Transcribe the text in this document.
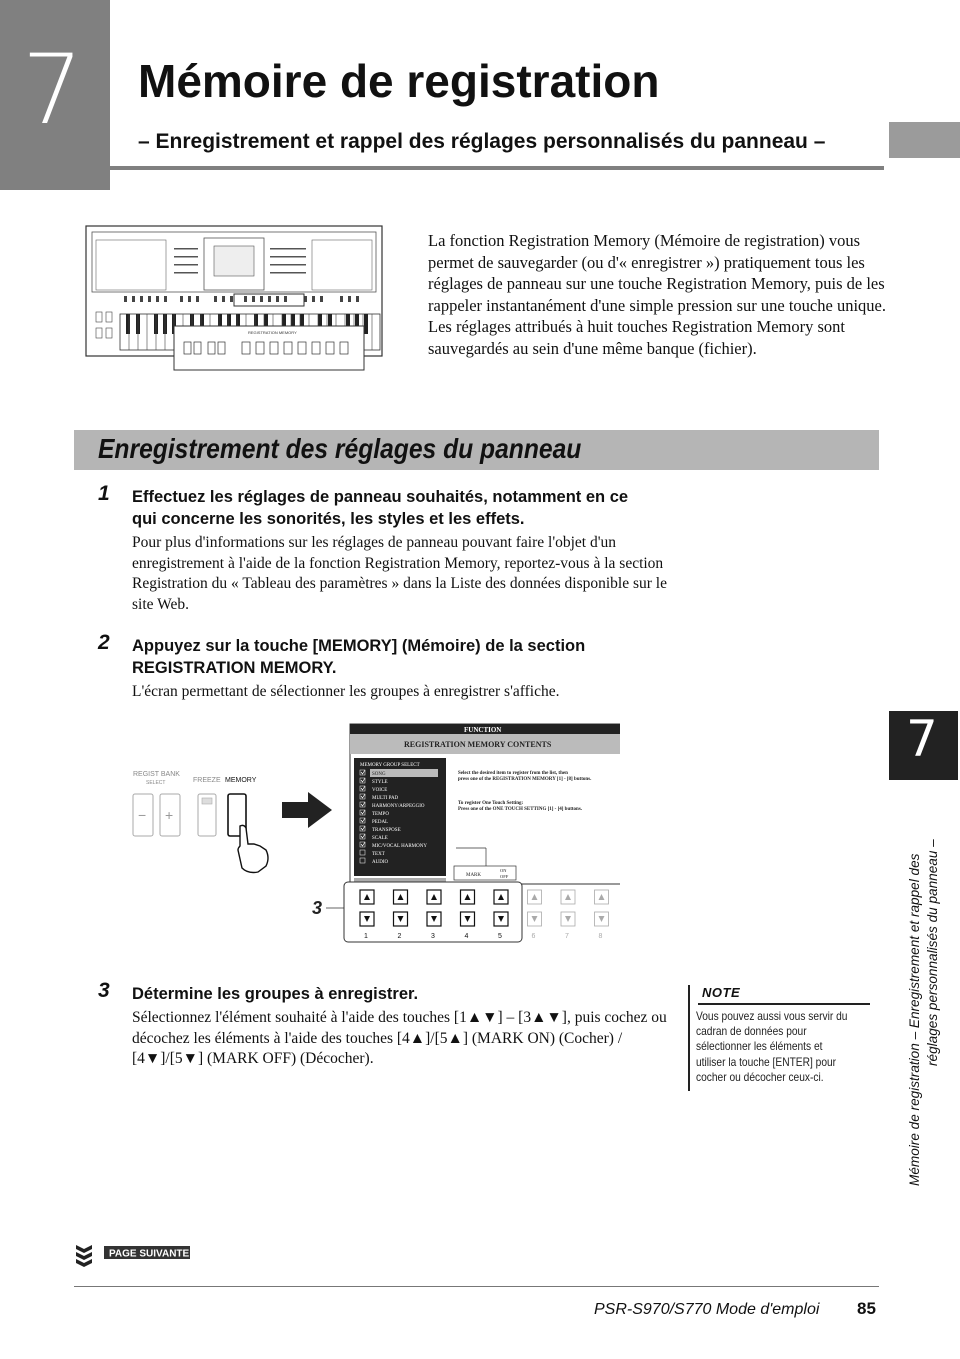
7 Mémoire de registration
– Enregistrement et rappel des réglages personnalisés du panneau –
REGISTRATION MEMORY
La fonction Registration Memory (Mémoire de registration) vous permet de sauvegarder (ou d'« enregistrer ») pratiquement tous les réglages de panneau sur une touche Registration Memory, puis de les rappeler instantanément d'une simple pression sur une touche unique. Les réglages attribués à huit touches Registration Memory sont sauvegardés au sein d'une même banque (fichier).
Enregistrement des réglages du panneau
1 Effectuez les réglages de panneau souhaités, notamment en ce qui concerne les sonorités, les styles et les effets.
Pour plus d'informations sur les réglages de panneau pouvant faire l'objet d'un enregistrement à l'aide de la fonction Registration Memory, reportez-vous à la section Registration du « Tableau des paramètres » dans la Liste des données disponible sur le site Web.
2 Appuyez sur la touche [MEMORY] (Mémoire) de la section REGISTRATION MEMORY.
L'écran permettant de sélectionner les groupes à enregistrer s'affiche.
REGIST BANK
SELECT	FREEZE MEMORY
− +
FUNCTION
REGISTRATION MEMORY CONTENTS
MEMORY GROUP SELECT
SONG
STYLE
VOICE
MULTI PAD
HARMONY/ARPEGGIO
TEMPO
PEDAL
TRANSPOSE
SCALE
MIC/VOCAL HARMONY
TEXT
AUDIO
Select the desired item to register from the list, then
press one of the REGISTRATION MEMORY [1] - [8] buttons.
To register One Touch Setting:
Press one of the ONE TOUCH SETTING [1] - [4] buttons.
MARK
ON
OFF
1	2	3	4	5	6	7	8
3
3 Détermine les groupes à enregistrer.
Sélectionnez l'élément souhaité à l'aide des touches [1▲▼] – [3▲▼], puis cochez ou décochez les éléments à l'aide des touches [4▲]/[5▲] (MARK ON) (Cocher) / [4▼]/[5▼] (MARK OFF) (Décocher).
NOTE
Vous pouvez aussi vous servir du cadran de données pour sélectionner les éléments et utiliser la touche [ENTER] pour cocher ou décocher ceux-ci.
7
Mémoire de registration – Enregistrement et rappel des réglages personnalisés du panneau –
PAGE SUIVANTE
PSR-S970/S770 Mode d'emploi 85
